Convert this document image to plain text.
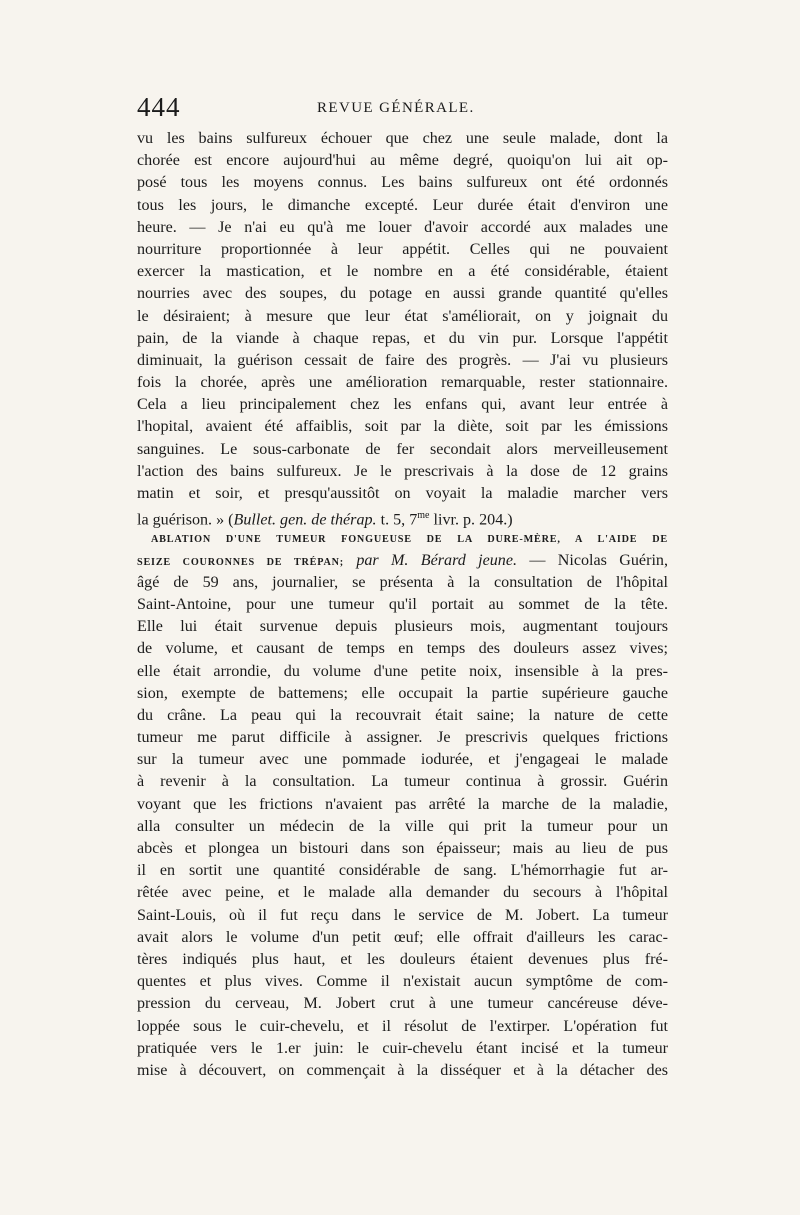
444	REVUE GÉNÉRALE.
vu les bains sulfureux échouer que chez une seule malade, dont la
chorée est encore aujourd'hui au même degré, quoiqu'on lui ait op-
posé tous les moyens connus. Les bains sulfureux ont été ordonnés
tous les jours, le dimanche excepté. Leur durée était d'environ une
heure. — Je n'ai eu qu'à me louer d'avoir accordé aux malades une
nourriture proportionnée à leur appétit. Celles qui ne pouvaient
exercer la mastication, et le nombre en a été considérable, étaient
nourries avec des soupes, du potage en aussi grande quantité qu'elles
le désiraient; à mesure que leur état s'améliorait, on y joignait du
pain, de la viande à chaque repas, et du vin pur. Lorsque l'appétit
diminuait, la guérison cessait de faire des progrès. — J'ai vu plusieurs
fois la chorée, après une amélioration remarquable, rester stationnaire.
Cela a lieu principalement chez les enfans qui, avant leur entrée à
l'hopital, avaient été affaiblis, soit par la diète, soit par les émissions
sanguines. Le sous-carbonate de fer secondait alors merveilleusement
l'action des bains sulfureux. Je le prescrivais à la dose de 12 grains
matin et soir, et presqu'aussitôt on voyait la maladie marcher vers
la guérison. » (Bullet. gen. de thérap. t. 5, $7^{me}$ livr. p. 204.)
ABLATION D'UNE TUMEUR FONGUEUSE DE LA DURE-MÈRE, A L'AIDE DE
SEIZE COURONNES DE TRÉPAN; par M. Bérard jeune. — Nicolas Guérin,
âgé de 59 ans, journalier, se présenta à la consultation de l'hôpital
Saint-Antoine, pour une tumeur qu'il portait au sommet de la tête.
Elle lui était survenue depuis plusieurs mois, augmentant toujours
de volume, et causant de temps en temps des douleurs assez vives;
elle était arrondie, du volume d'une petite noix, insensible à la pres-
sion, exempte de battemens; elle occupait la partie supérieure gauche
du crâne. La peau qui la recouvrait était saine; la nature de cette
tumeur me parut difficile à assigner. Je prescrivis quelques frictions
sur la tumeur avec une pommade iodurée, et j'engageai le malade
à revenir à la consultation. La tumeur continua à grossir. Guérin
voyant que les frictions n'avaient pas arrêté la marche de la maladie,
alla consulter un médecin de la ville qui prit la tumeur pour un
abcès et plongea un bistouri dans son épaisseur; mais au lieu de pus
il en sortit une quantité considérable de sang. L'hémorrhagie fut ar-
rêtée avec peine, et le malade alla demander du secours à l'hôpital
Saint-Louis, où il fut reçu dans le service de M. Jobert. La tumeur
avait alors le volume d'un petit œuf; elle offrait d'ailleurs les carac-
tères indiqués plus haut, et les douleurs étaient devenues plus fré-
quentes et plus vives. Comme il n'existait aucun symptôme de com-
pression du cerveau, M. Jobert crut à une tumeur cancéreuse déve-
loppée sous le cuir-chevelu, et il résolut de l'extirper. L'opération fut
pratiquée vers le 1.er juin: le cuir-chevelu étant incisé et la tumeur
mise à découvert, on commençait à la disséquer et à la détacher des
